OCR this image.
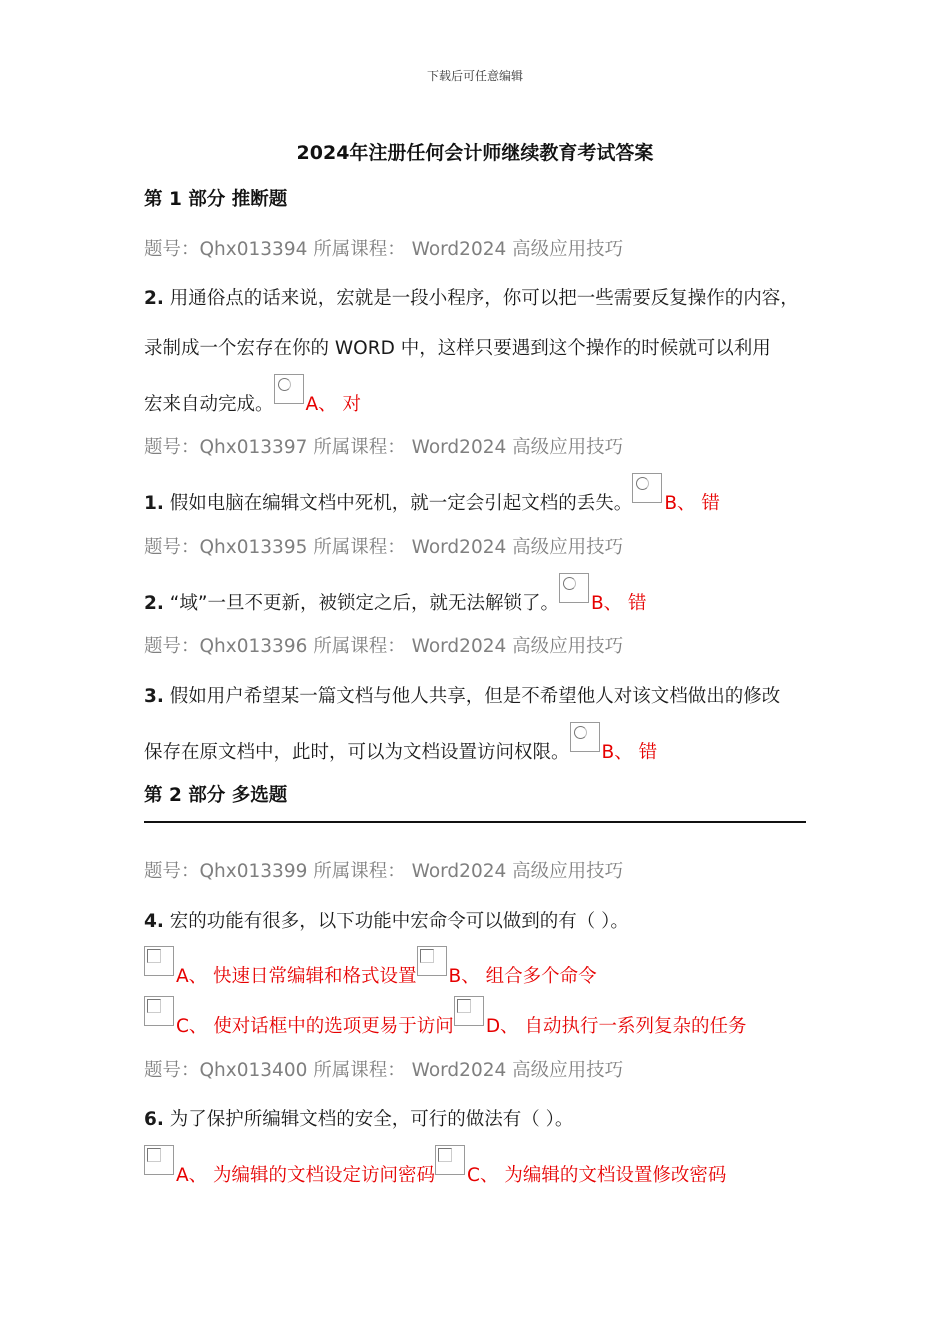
下载后可任意编辑
2024年注册任何会计师继续教育考试答案
第 1 部分 推断题
题号：Qhx013394 所属课程： Word2024 高级应用技巧
2. 用通俗点的话来说，宏就是一段小程序，你可以把一些需要反复操作的内容，
录制成一个宏存在你的 WORD 中，这样只要遇到这个操作的时候就可以利用
宏来自动完成。 A、 对
题号：Qhx013397 所属课程： Word2024 高级应用技巧
1. 假如电脑在编辑文档中死机，就一定会引起文档的丢失。 B、 错
题号：Qhx013395 所属课程： Word2024 高级应用技巧
2. “域”一旦不更新，被锁定之后，就无法解锁了。 B、 错
题号：Qhx013396 所属课程： Word2024 高级应用技巧
3. 假如用户希望某一篇文档与他人共享，但是不希望他人对该文档做出的修改
保存在原文档中，此时，可以为文档设置访问权限。 B、 错
第 2 部分 多选题
题号：Qhx013399 所属课程： Word2024 高级应用技巧
4. 宏的功能有很多，以下功能中宏命令可以做到的有（ ）。
A、 快速日常编辑和格式设置 B、 组合多个命令
C、 使对话框中的选项更易于访问 D、 自动执行一系列复杂的任务
题号：Qhx013400 所属课程： Word2024 高级应用技巧
6. 为了保护所编辑文档的安全，可行的做法有（ ）。
A、 为编辑的文档设定访问密码 C、 为编辑的文档设置修改密码
